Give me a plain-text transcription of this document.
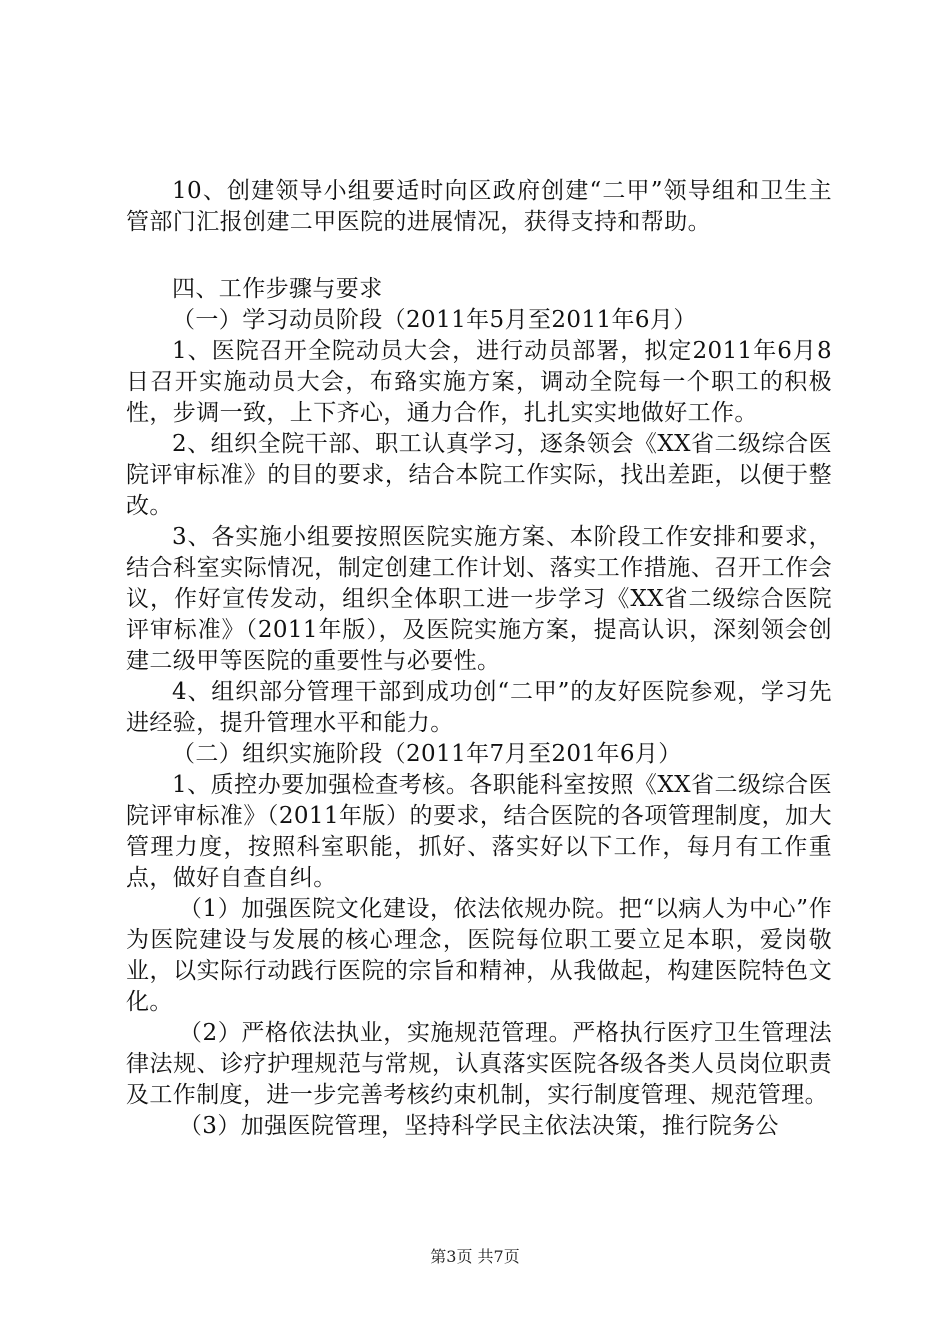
10、创建领导小组要适时向区政府创建“二甲”领导组和卫生主管部门汇报创建二甲医院的进展情况，获得支持和帮助。

四、工作步骤与要求

（一）学习动员阶段（2011年5月至2011年6月）

1、医院召开全院动员大会，进行动员部署，拟定2011年6月8日召开实施动员大会，布臵实施方案，调动全院每一个职工的积极性，步调一致，上下齐心，通力合作，扎扎实实地做好工作。

2、组织全院干部、职工认真学习，逐条领会《XX省二级综合医院评审标准》的目的要求，结合本院工作实际，找出差距，以便于整改。

3、各实施小组要按照医院实施方案、本阶段工作安排和要求，结合科室实际情况，制定创建工作计划、落实工作措施、召开工作会议，作好宣传发动，组织全体职工进一步学习《XX省二级综合医院评审标准》（2011年版），及医院实施方案，提高认识，深刻领会创建二级甲等医院的重要性与必要性。

4、组织部分管理干部到成功创“二甲”的友好医院参观，学习先进经验，提升管理水平和能力。

（二）组织实施阶段（2011年7月至201年6月）

1、质控办要加强检查考核。各职能科室按照《XX省二级综合医院评审标准》（2011年版）的要求，结合医院的各项管理制度，加大管理力度，按照科室职能，抓好、落实好以下工作，每月有工作重点，做好自查自纠。

（1）加强医院文化建设，依法依规办院。把“以病人为中心”作为医院建设与发展的核心理念，医院每位职工要立足本职，爱岗敬业，以实际行动践行医院的宗旨和精神，从我做起，构建医院特色文化。

（2）严格依法执业，实施规范管理。严格执行医疗卫生管理法律法规、诊疗护理规范与常规，认真落实医院各级各类人员岗位职责及工作制度，进一步完善考核约束机制，实行制度管理、规范管理。

（3）加强医院管理，坚持科学民主依法决策，推行院务公

第3页 共7页
